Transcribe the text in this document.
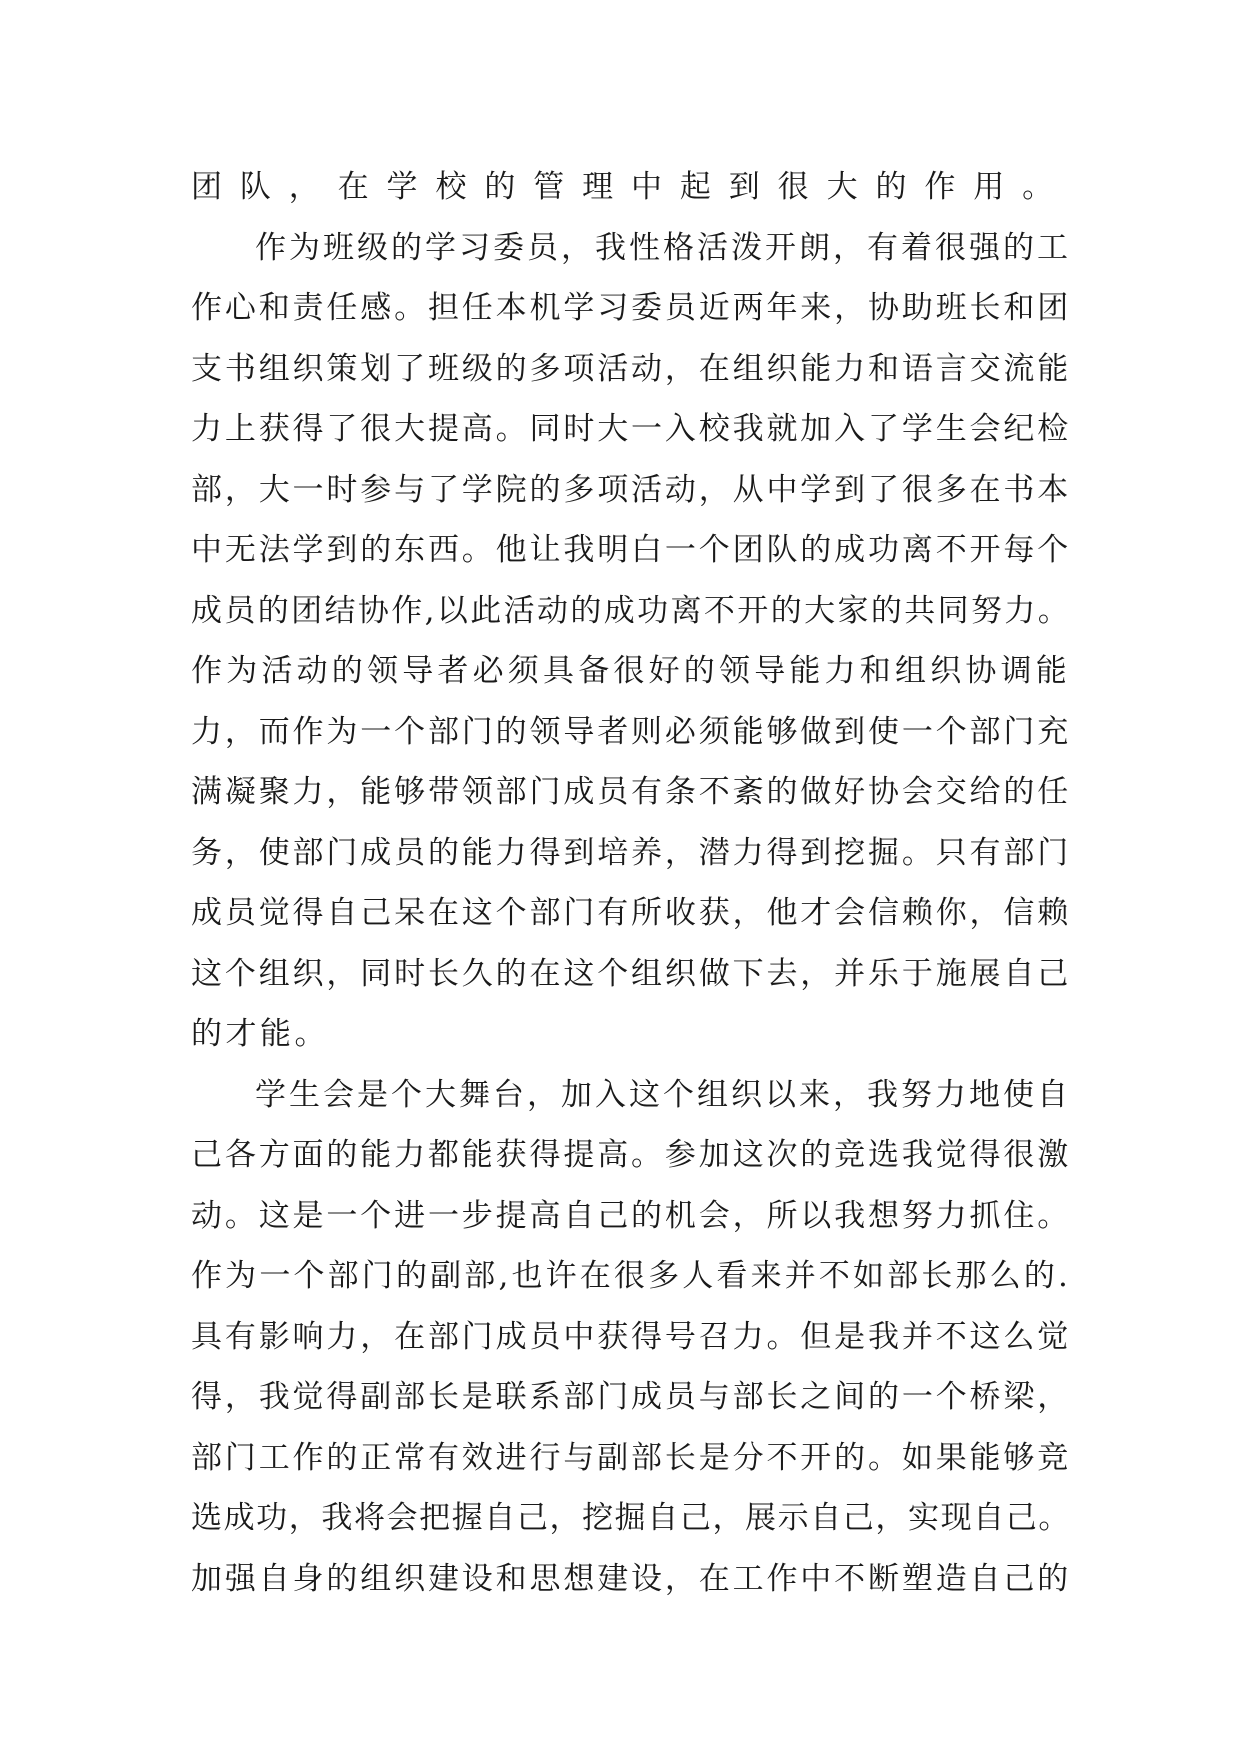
团队，在学校的管理中起到很大的作用。
作为班级的学习委员，我性格活泼开朗，有着很强的工
作心和责任感。担任本机学习委员近两年来，协助班长和团
支书组织策划了班级的多项活动，在组织能力和语言交流能
力上获得了很大提高。同时大一入校我就加入了学生会纪检
部，大一时参与了学院的多项活动，从中学到了很多在书本
中无法学到的东西。他让我明白一个团队的成功离不开每个
成员的团结协作,以此活动的成功离不开的大家的共同努力。
作为活动的领导者必须具备很好的领导能力和组织协调能
力，而作为一个部门的领导者则必须能够做到使一个部门充
满凝聚力，能够带领部门成员有条不紊的做好协会交给的任
务，使部门成员的能力得到培养，潜力得到挖掘。只有部门
成员觉得自己呆在这个部门有所收获，他才会信赖你，信赖
这个组织，同时长久的在这个组织做下去，并乐于施展自己
的才能。
学生会是个大舞台，加入这个组织以来，我努力地使自
己各方面的能力都能获得提高。参加这次的竞选我觉得很激
动。这是一个进一步提高自己的机会，所以我想努力抓住。
作为一个部门的副部,也许在很多人看来并不如部长那么的.
具有影响力，在部门成员中获得号召力。但是我并不这么觉
得，我觉得副部长是联系部门成员与部长之间的一个桥梁，
部门工作的正常有效进行与副部长是分不开的。如果能够竞
选成功，我将会把握自己，挖掘自己，展示自己，实现自己。
加强自身的组织建设和思想建设，在工作中不断塑造自己的
